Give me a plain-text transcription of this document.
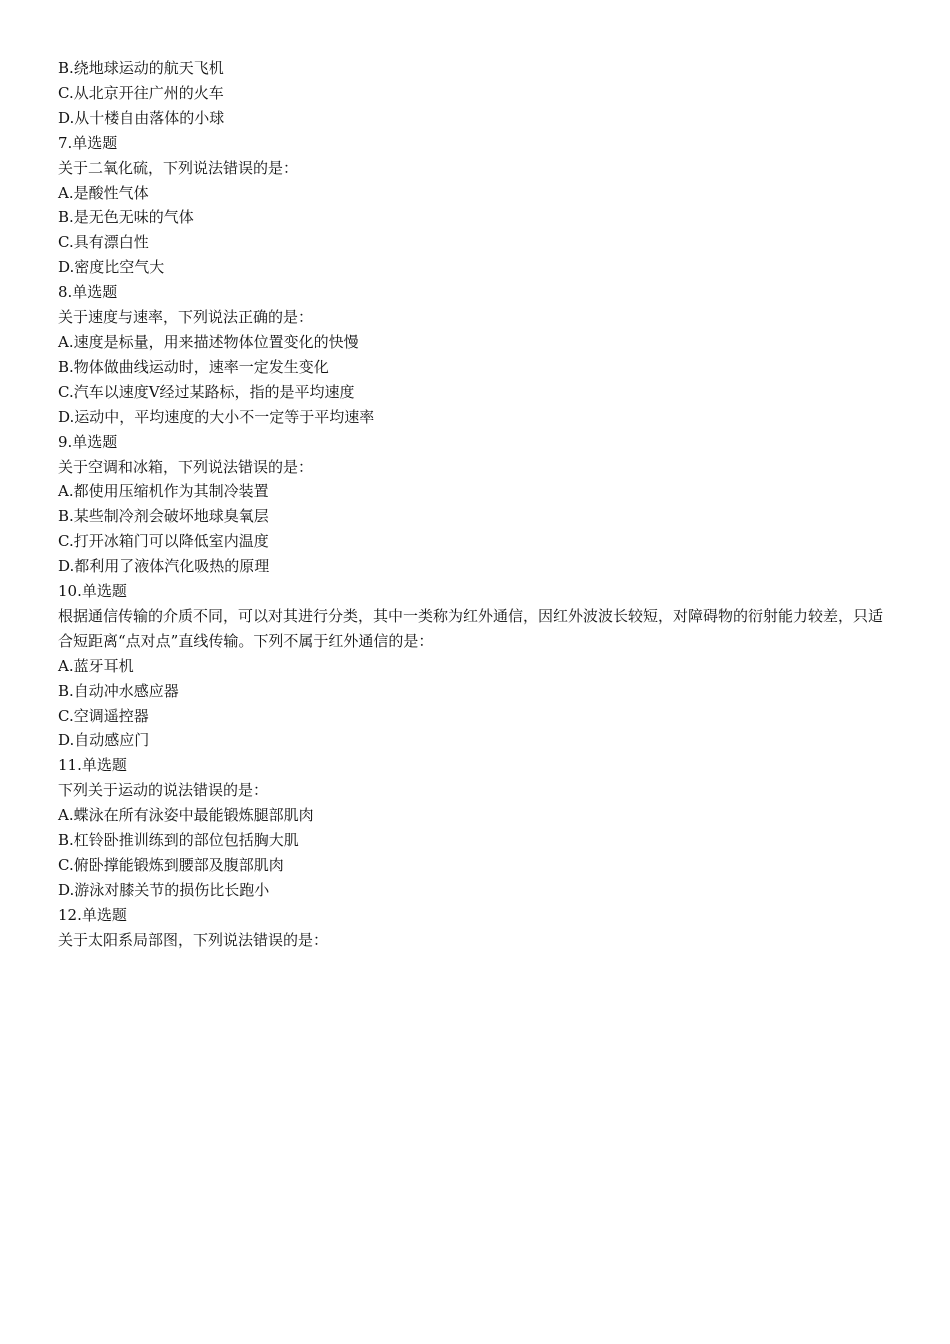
B.绕地球运动的航天飞机
C.从北京开往广州的火车
D.从十楼自由落体的小球
7.单选题
关于二氧化硫，下列说法错误的是：
A.是酸性气体
B.是无色无味的气体
C.具有漂白性
D.密度比空气大
8.单选题
关于速度与速率，下列说法正确的是：
A.速度是标量，用来描述物体位置变化的快慢
B.物体做曲线运动时，速率一定发生变化
C.汽车以速度V经过某路标，指的是平均速度
D.运动中，平均速度的大小不一定等于平均速率
9.单选题
关于空调和冰箱，下列说法错误的是：
A.都使用压缩机作为其制冷装置
B.某些制冷剂会破坏地球臭氧层
C.打开冰箱门可以降低室内温度
D.都利用了液体汽化吸热的原理
10.单选题
根据通信传输的介质不同，可以对其进行分类，其中一类称为红外通信，因红外波波长较短，对障碍物的衍射能力较差，只适合短距离“点对点”直线传输。下列不属于红外通信的是：
A.蓝牙耳机
B.自动冲水感应器
C.空调遥控器
D.自动感应门
11.单选题
下列关于运动的说法错误的是：
A.蝶泳在所有泳姿中最能锻炼腿部肌肉
B.杠铃卧推训练到的部位包括胸大肌
C.俯卧撑能锻炼到腰部及腹部肌肉
D.游泳对膝关节的损伤比长跑小
12.单选题
关于太阳系局部图，下列说法错误的是：
